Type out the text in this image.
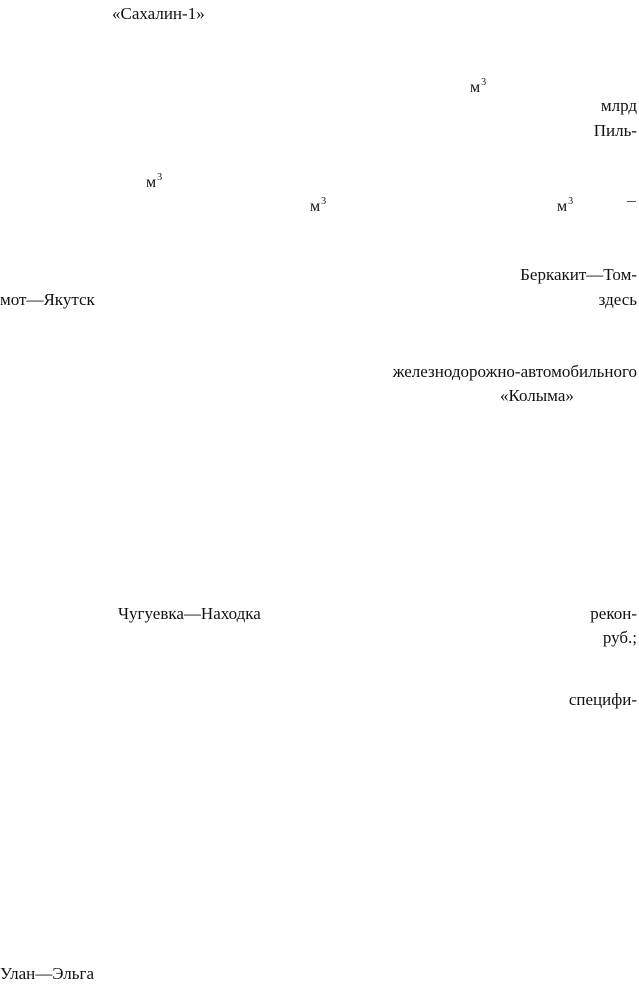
«Сахалин-1»
$м^3$
млрд
Пиль-
$м^3$
$м^3$	$м^3$
Беркакит—Том-
мот—Якутск	здесь
железнодорожно-автомобильного
«Колыма»
Чугуевка—Находка	рекон-
руб.;
специфи-
Улан—Эльга
